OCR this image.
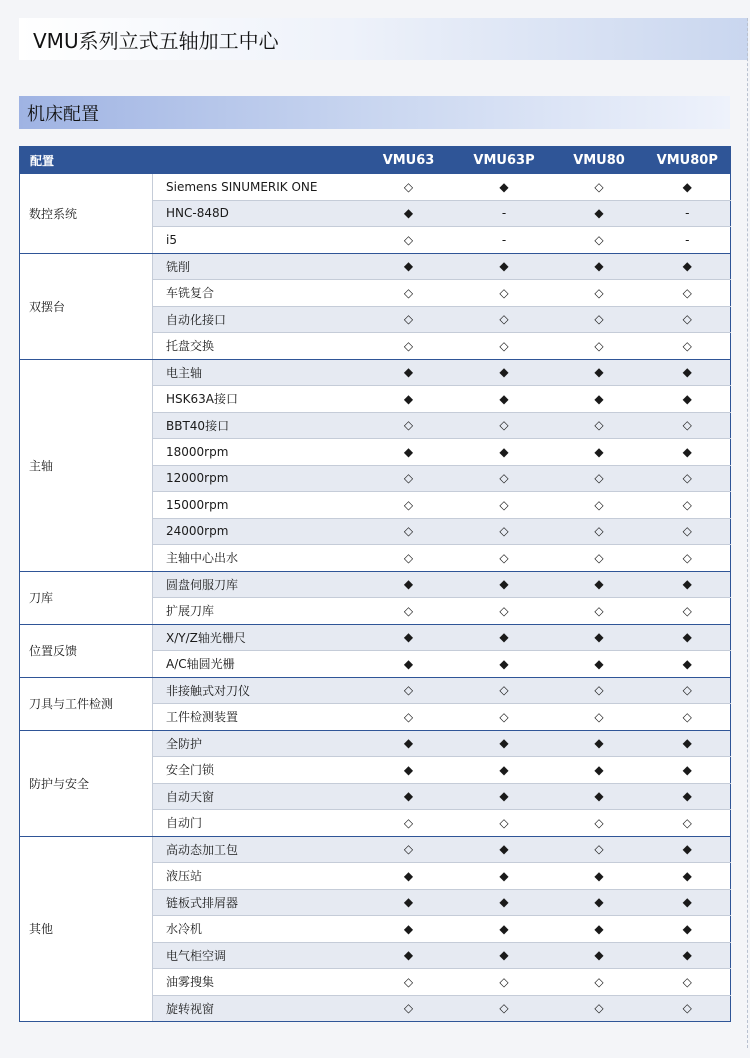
VMU系列立式五轴加工中心
机床配置
配置		VMU63	VMU63P	VMU80	VMU80P
数控系统	Siemens SINUMERIK ONE	◇	◆	◇	◆
	HNC-848D	◆	-	◆	-
	i5	◇	-	◇	-
双摆台	铣削	◆	◆	◆	◆
	车铣复合	◇	◇	◇	◇
	自动化接口	◇	◇	◇	◇
	托盘交换	◇	◇	◇	◇
主轴	电主轴	◆	◆	◆	◆
	HSK63A接口	◆	◆	◆	◆
	BBT40接口	◇	◇	◇	◇
	18000rpm	◆	◆	◆	◆
	12000rpm	◇	◇	◇	◇
	15000rpm	◇	◇	◇	◇
	24000rpm	◇	◇	◇	◇
	主轴中心出水	◇	◇	◇	◇
刀库	圆盘伺服刀库	◆	◆	◆	◆
	扩展刀库	◇	◇	◇	◇
位置反馈	X/Y/Z轴光栅尺	◆	◆	◆	◆
	A/C轴圆光栅	◆	◆	◆	◆
刀具与工件检测	非接触式对刀仪	◇	◇	◇	◇
	工件检测装置	◇	◇	◇	◇
防护与安全	全防护	◆	◆	◆	◆
	安全门锁	◆	◆	◆	◆
	自动天窗	◆	◆	◆	◆
	自动门	◇	◇	◇	◇
其他	高动态加工包	◇	◆	◇	◆
	液压站	◆	◆	◆	◆
	链板式排屑器	◆	◆	◆	◆
	水冷机	◆	◆	◆	◆
	电气柜空调	◆	◆	◆	◆
	油雾搜集	◇	◇	◇	◇
	旋转视窗	◇	◇	◇	◇
